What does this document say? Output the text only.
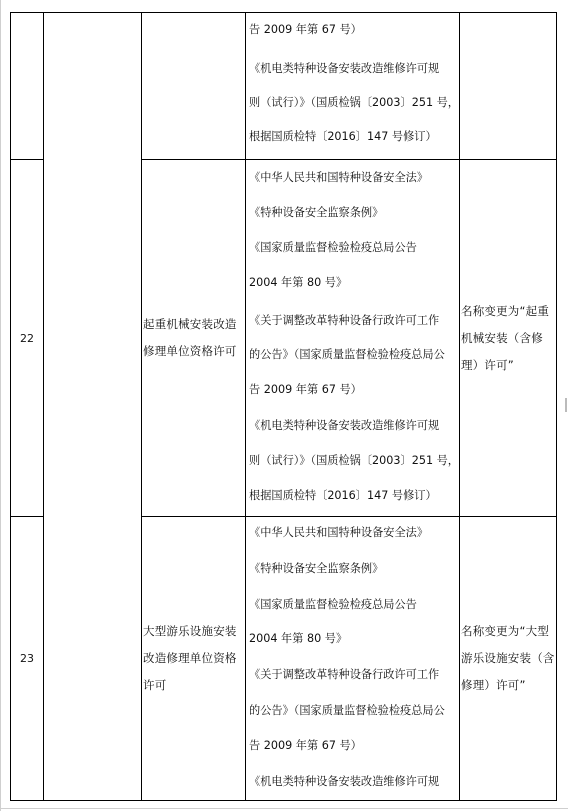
告 2009 年第 67 号）
《机电类特种设备安装改造维修许可规
则（试行）》（国质检锅〔2003〕251 号，
根据国质检特〔2016〕147 号修订）
22
起重机械安装改造修理单位资格许可
《中华人民共和国特种设备安全法》
《特种设备安全监察条例》
《国家质量监督检验检疫总局公告
2004 年第 80 号》
《关于调整改革特种设备行政许可工作
的公告》（国家质量监督检验检疫总局公
告 2009 年第 67 号）
《机电类特种设备安装改造维修许可规
则（试行）》（国质检锅〔2003〕251 号，
根据国质检特〔2016〕147 号修订）
名称变更为“起重机械安装（含修理）许可”
23
大型游乐设施安装改造修理单位资格许可
《中华人民共和国特种设备安全法》
《特种设备安全监察条例》
《国家质量监督检验检疫总局公告
2004 年第 80 号》
《关于调整改革特种设备行政许可工作
的公告》（国家质量监督检验检疫总局公
告 2009 年第 67 号）
《机电类特种设备安装改造维修许可规
名称变更为“大型游乐设施安装（含修理）许可”
